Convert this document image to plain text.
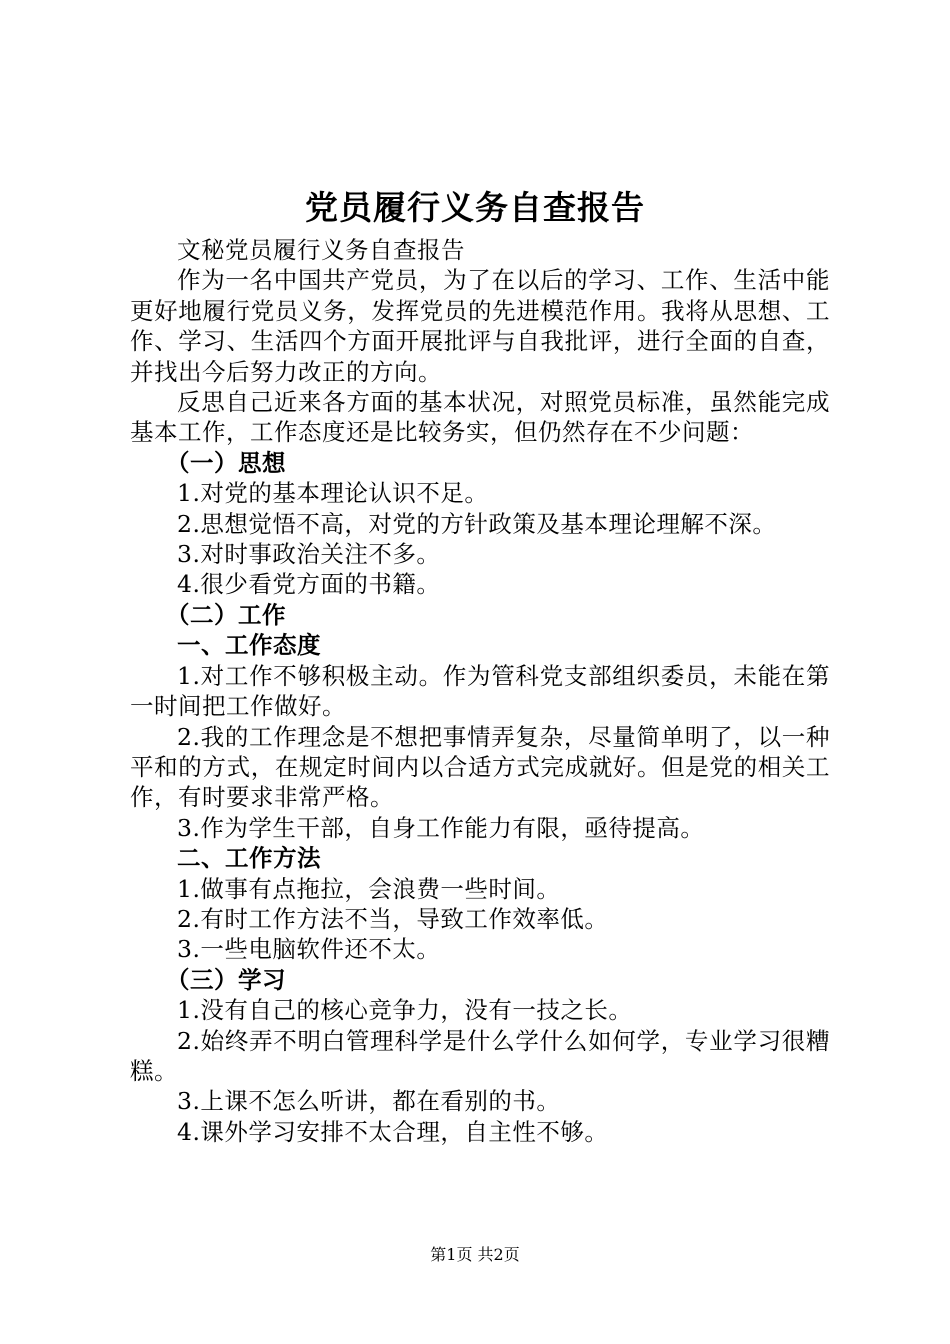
党员履行义务自查报告

文秘党员履行义务自查报告

作为一名中国共产党员，为了在以后的学习、工作、生活中能更好地履行党员义务，发挥党员的先进模范作用。我将从思想、工作、学习、生活四个方面开展批评与自我批评，进行全面的自查，并找出今后努力改正的方向。

反思自己近来各方面的基本状况，对照党员标准，虽然能完成基本工作，工作态度还是比较务实，但仍然存在不少问题：

（一）思想

1.对党的基本理论认识不足。

2.思想觉悟不高，对党的方针政策及基本理论理解不深。

3.对时事政治关注不多。

4.很少看党方面的书籍。

（二）工作

一、工作态度

1.对工作不够积极主动。作为管科党支部组织委员，未能在第一时间把工作做好。

2.我的工作理念是不想把事情弄复杂，尽量简单明了，以一种平和的方式，在规定时间内以合适方式完成就好。但是党的相关工作，有时要求非常严格。

3.作为学生干部，自身工作能力有限，亟待提高。

二、工作方法

1.做事有点拖拉，会浪费一些时间。

2.有时工作方法不当，导致工作效率低。

3.一些电脑软件还不太。

（三）学习

1.没有自己的核心竞争力，没有一技之长。

2.始终弄不明白管理科学是什么学什么如何学，专业学习很糟糕。

3.上课不怎么听讲，都在看别的书。

4.课外学习安排不太合理，自主性不够。

第1页 共2页
